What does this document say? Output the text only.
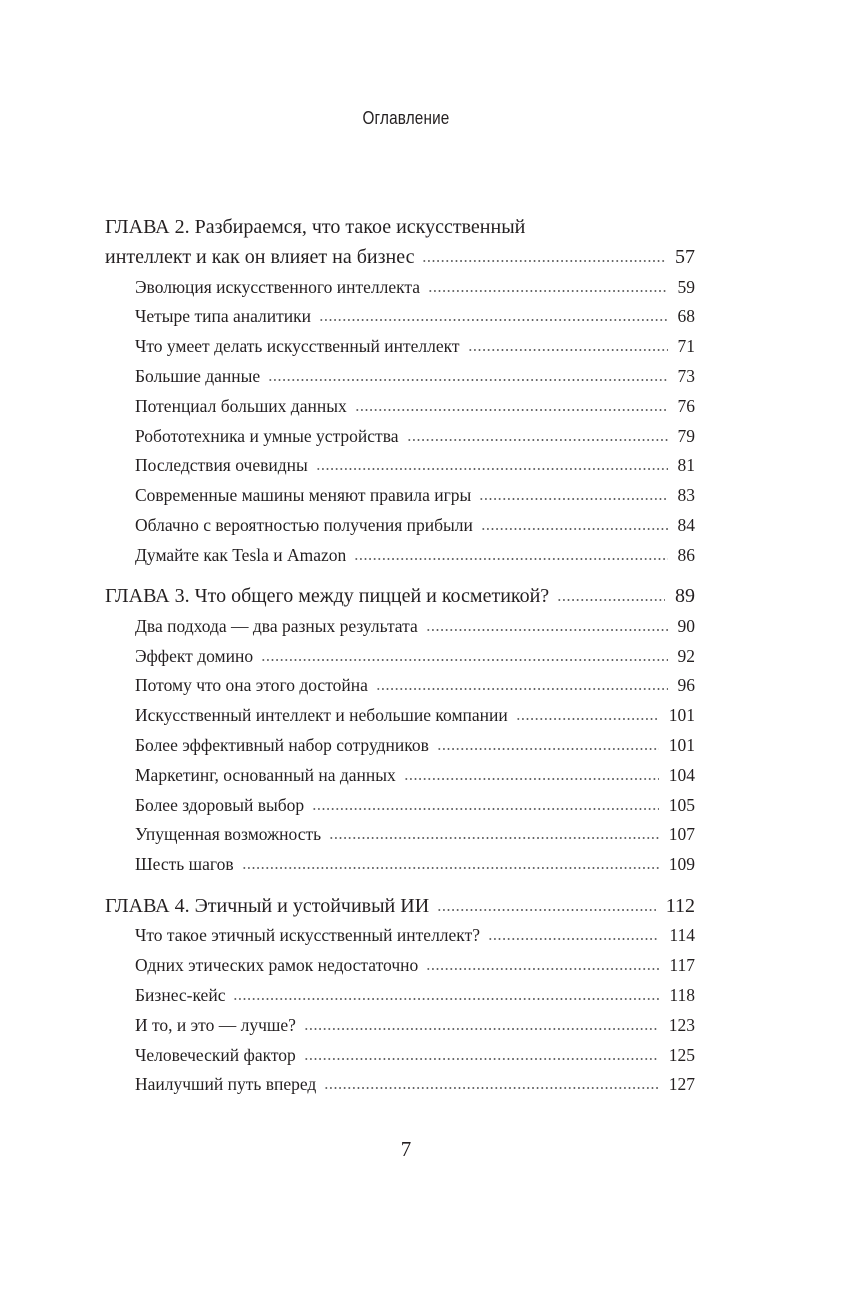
Оглавление
ГЛАВА 2. Разбираемся, что такое искусственный
интеллект и как он влияет на бизнес	57
Эволюция искусственного интеллекта	59
Четыре типа аналитики	68
Что умеет делать искусственный интеллект	71
Большие данные	73
Потенциал больших данных	76
Робототехника и умные устройства	79
Последствия очевидны	81
Современные машины меняют правила игры	83
Облачно с вероятностью получения прибыли	84
Думайте как Tesla и Amazon	86
ГЛАВА 3. Что общего между пиццей и косметикой?	89
Два подхода — два разных результата	90
Эффект домино	92
Потому что она этого достойна	96
Искусственный интеллект и небольшие компании	101
Более эффективный набор сотрудников	101
Маркетинг, основанный на данных	104
Более здоровый выбор	105
Упущенная возможность	107
Шесть шагов	109
ГЛАВА 4. Этичный и устойчивый ИИ	112
Что такое этичный искусственный интеллект?	114
Одних этических рамок недостаточно	117
Бизнес-кейс	118
И то, и это — лучше?	123
Человеческий фактор	125
Наилучший путь вперед	127
7
